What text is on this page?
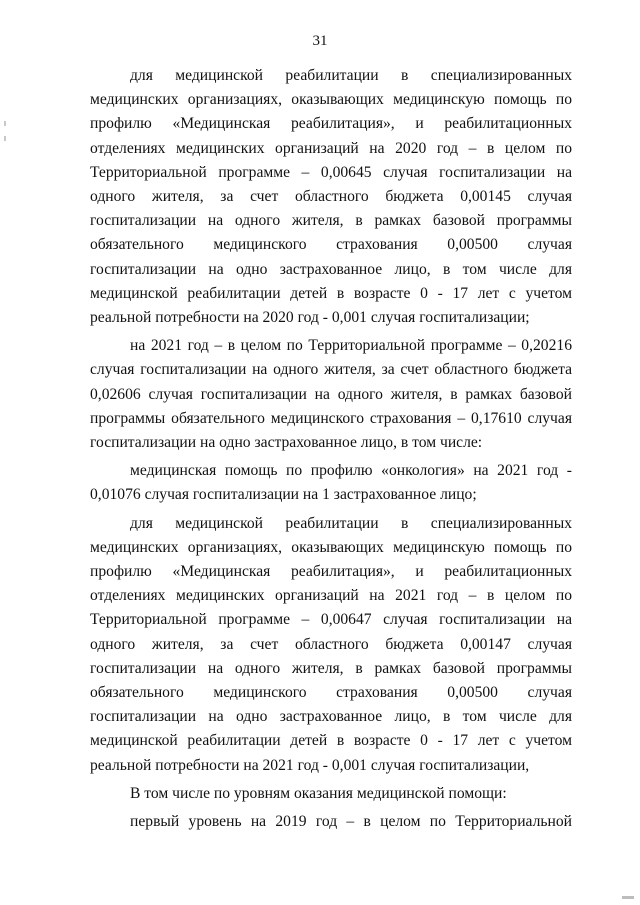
31

для медицинской реабилитации в специализированных медицинских организациях, оказывающих медицинскую помощь по профилю «Медицинская реабилитация», и реабилитационных отделениях медицинских организаций на 2020 год – в целом по Территориальной программе – 0,00645 случая госпитализации на одного жителя, за счет областного бюджета 0,00145 случая госпитализации на одного жителя, в рамках базовой программы обязательного медицинского страхования 0,00500 случая госпитализации на одно застрахованное лицо, в том числе для медицинской реабилитации детей в возрасте 0 - 17 лет с учетом реальной потребности на 2020 год - 0,001 случая госпитализации;

на 2021 год – в целом по Территориальной программе – 0,20216 случая госпитализации на одного жителя, за счет областного бюджета 0,02606 случая госпитализации на одного жителя, в рамках базовой программы обязательного медицинского страхования – 0,17610 случая госпитализации на одно застрахованное лицо, в том числе:

медицинская помощь по профилю «онкология» на 2021 год - 0,01076 случая госпитализации на 1 застрахованное лицо;

для медицинской реабилитации в специализированных медицинских организациях, оказывающих медицинскую помощь по профилю «Медицинская реабилитация», и реабилитационных отделениях медицинских организаций на 2021 год – в целом по Территориальной программе – 0,00647 случая госпитализации на одного жителя, за счет областного бюджета 0,00147 случая госпитализации на одного жителя, в рамках базовой программы обязательного медицинского страхования 0,00500 случая госпитализации на одно застрахованное лицо, в том числе для медицинской реабилитации детей в возрасте 0 - 17 лет с учетом реальной потребности на 2021 год - 0,001 случая госпитализации,

В том числе по уровням оказания медицинской помощи:

первый уровень на 2019 год – в целом по Территориальной
